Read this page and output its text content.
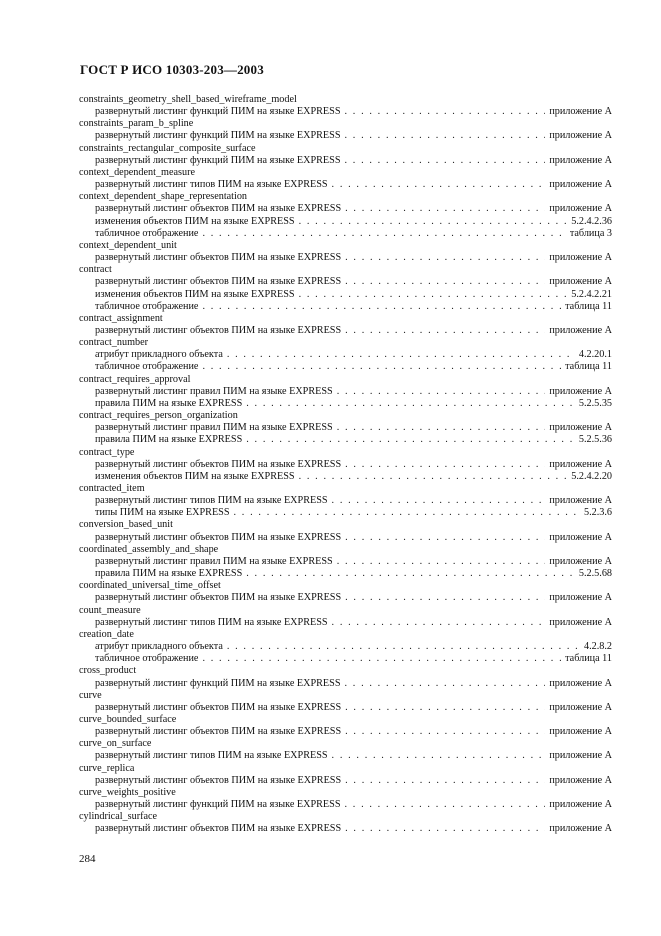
ГОСТ Р ИСО 10303-203—2003
constraints_geometry_shell_based_wireframe_model
развернутый листинг функций ПИМ на языке EXPRESS . . .	приложение А
constraints_param_b_spline
развернутый листинг функций ПИМ на языке EXPRESS . . .	приложение А
constraints_rectangular_composite_surface
развернутый листинг функций ПИМ на языке EXPRESS . . .	приложение А
context_dependent_measure
развернутый листинг типов ПИМ на языке EXPRESS . . .	приложение А
context_dependent_shape_representation
развернутый листинг объектов ПИМ на языке EXPRESS . . .	приложение А
изменения объектов ПИМ на языке EXPRESS . . .	5.2.4.2.36
табличное отображение . . .	таблица 3
context_dependent_unit
развернутый листинг объектов ПИМ на языке EXPRESS . . .	приложение А
contract
развернутый листинг объектов ПИМ на языке EXPRESS . . .	приложение А
изменения объектов ПИМ на языке EXPRESS . . .	5.2.4.2.21
табличное отображение . . .	таблица 11
contract_assignment
развернутый листинг объектов ПИМ на языке EXPRESS . . .	приложение А
contract_number
атрибут прикладного объекта . . .	4.2.20.1
табличное отображение . . .	таблица 11
contract_requires_approval
развернутый листинг правил ПИМ на языке EXPRESS . . .	приложение А
правила ПИМ на языке EXPRESS . . .	5.2.5.35
contract_requires_person_organization
развернутый листинг правил ПИМ на языке EXPRESS . . .	приложение А
правила ПИМ на языке EXPRESS . . .	5.2.5.36
contract_type
развернутый листинг объектов ПИМ на языке EXPRESS . . .	приложение А
изменения объектов ПИМ на языке EXPRESS . . .	5.2.4.2.20
contracted_item
развернутый листинг типов ПИМ на языке EXPRESS . . .	приложение А
типы ПИМ на языке EXPRESS . . .	5.2.3.6
conversion_based_unit
развернутый листинг объектов ПИМ на языке EXPRESS . . .	приложение А
coordinated_assembly_and_shape
развернутый листинг правил ПИМ на языке EXPRESS . . .	приложение А
правила ПИМ на языке EXPRESS . . .	5.2.5.68
coordinated_universal_time_offset
развернутый листинг объектов ПИМ на языке EXPRESS . . .	приложение А
count_measure
развернутый листинг типов ПИМ на языке EXPRESS . . .	приложение А
creation_date
атрибут прикладного объекта . . .	4.2.8.2
табличное отображение . . .	таблица 11
cross_product
развернутый листинг функций ПИМ на языке EXPRESS . . .	приложение А
curve
развернутый листинг объектов ПИМ на языке EXPRESS . . .	приложение А
curve_bounded_surface
развернутый листинг объектов ПИМ на языке EXPRESS . . .	приложение А
curve_on_surface
развернутый листинг типов ПИМ на языке EXPRESS . . .	приложение А
curve_replica
развернутый листинг объектов ПИМ на языке EXPRESS . . .	приложение А
curve_weights_positive
развернутый листинг функций ПИМ на языке EXPRESS . . .	приложение А
cylindrical_surface
развернутый листинг объектов ПИМ на языке EXPRESS . . .	приложение А
284
